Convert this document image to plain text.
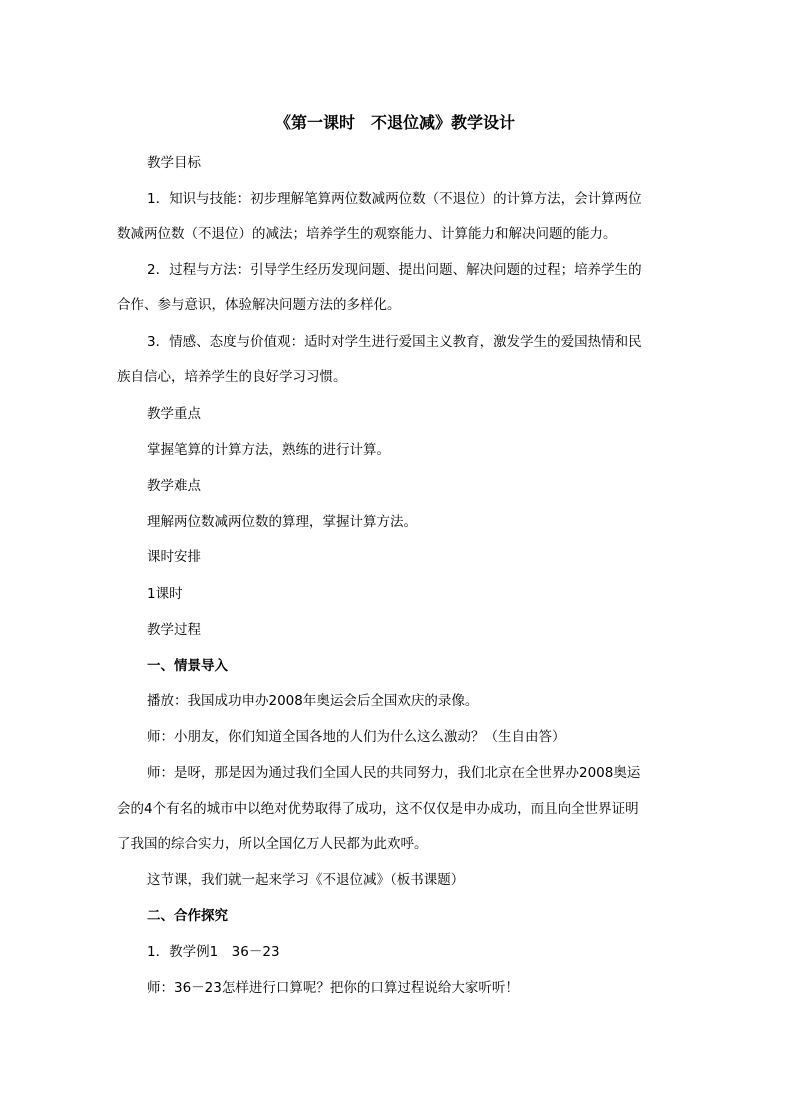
《第一课时　不退位减》教学设计
教学目标
1．知识与技能：初步理解笔算两位数减两位数（不退位）的计算方法，会计算两位
数减两位数（不退位）的减法；培养学生的观察能力、计算能力和解决问题的能力。
2．过程与方法：引导学生经历发现问题、提出问题、解决问题的过程；培养学生的
合作、参与意识，体验解决问题方法的多样化。
3．情感、态度与价值观：适时对学生进行爱国主义教育，激发学生的爱国热情和民
族自信心，培养学生的良好学习习惯。
教学重点
掌握笔算的计算方法，熟练的进行计算。
教学难点
理解两位数减两位数的算理，掌握计算方法。
课时安排
1课时
教学过程
一、情景导入
播放：我国成功申办2008年奥运会后全国欢庆的录像。
师：小朋友，你们知道全国各地的人们为什么这么激动？（生自由答）
师：是呀，那是因为通过我们全国人民的共同努力，我们北京在全世界办2008奥运
会的4个有名的城市中以绝对优势取得了成功，这不仅仅是申办成功，而且向全世界证明
了我国的综合实力，所以全国亿万人民都为此欢呼。
这节课，我们就一起来学习《不退位减》（板书课题）
二、合作探究
1．教学例1　36－23
师：36－23怎样进行口算呢？把你的口算过程说给大家听听！
